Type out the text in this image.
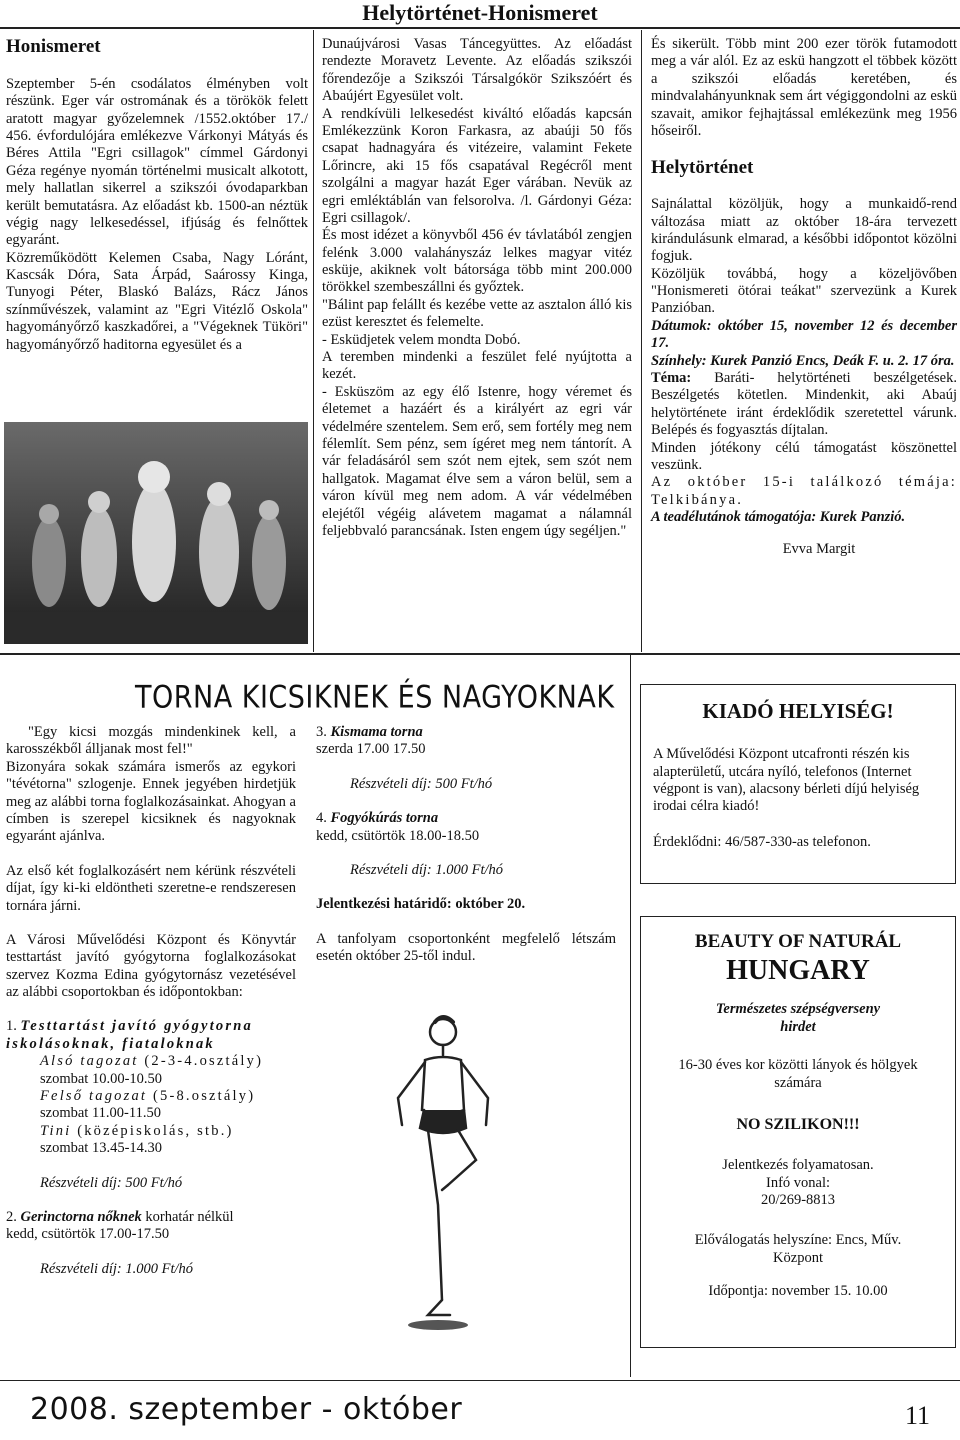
Helytörténet-Honismeret
Honismeret

Szeptember 5-én csodálatos élményben volt részünk. Eger vár ostromának és a törökök felett aratott magyar győzelemnek /1552.október 17./ 456. évfordulójára emlékezve Várkonyi Mátyás és Béres Attila "Egri csillagok" címmel Gárdonyi Géza regénye nyomán történelmi musicalt alkotott, mely hallatlan sikerrel a szikszói óvodaparkban került bemutatásra. Az előadást kb. 1500-an néztük végig nagy lelkesedéssel, ifjúság és felnőttek egyaránt.

Közreműködött Kelemen Csaba, Nagy Lóránt, Kascsák Dóra, Sata Árpád, Saárossy Kinga, Tunyogi Péter, Blaskó Balázs, Rácz János színművészek, valamint az "Egri Vitézlő Oskola" hagyományőrző kaszkadőrei, a "Végeknek Tüköri" hagyományőrző haditorna egyesület és a

Dunaújvárosi Vasas Táncegyüttes. Az előadást rendezte Moravetz Levente. Az előadás szikszói főrendezője a Szikszói Társalgókör Szikszóért és Abaújért Egyesület volt.

A rendkívüli lelkesedést kiváltó előadás kapcsán Emlékezzünk Koron Farkasra, az abaúji 50 fős csapat hadnagyára és vitézeire, valamint Fekete Lőrincre, aki 15 fős csapatával Regécről ment szolgálni a magyar hazát Eger várában. Nevük az egri emléktáblán van felsorolva. /l. Gárdonyi Géza: Egri csillagok/.

És most idézet a könyvből 456 év távlatából zengjen felénk 3.000 valahányszáz lelkes magyar vitéz esküje, akiknek volt bátorsága több mint 200.000 törökkel szembeszállni és győztek.

"Bálint pap felállt és kezébe vette az asztalon álló kis ezüst keresztet és felemelte.

- Esküdjetek velem mondta Dobó.

A teremben mindenki a feszület felé nyújtotta a kezét.

- Esküszöm az egy élő Istenre, hogy véremet és életemet a hazáért és a királyért az egri vár védelmére szentelem. Sem erő, sem fortély meg nem félemlít. Sem pénz, sem ígéret meg nem tántorít. A vár feladásáról sem szót nem ejtek, sem szót nem hallgatok. Magamat élve sem a váron belül, sem a váron kívül meg nem adom. A vár védelmében elejétől végéig alávetem magamat a nálamnál feljebbvaló parancsának. Isten engem úgy segéljen."

És sikerült. Több mint 200 ezer török futamodott meg a vár alól. Ez az eskü hangzott el többek között a szikszói előadás keretében, és mindvalahányunknak sem árt végiggondolni az eskü szavait, amikor fejhajtással emlékezünk meg 1956 hőseiről.

Helytörténet

Sajnálattal közöljük, hogy a munkaidő-rend változása miatt az október 18-ára tervezett kirándulásunk elmarad, a későbbi időpontot közölni fogjuk.

Közöljük továbbá, hogy a közeljövőben "Honismereti ötórai teákat" szervezünk a Kurek Panzióban.

Dátumok: október 15, november 12 és december 17.

Színhely: Kurek Panzió Encs, Deák F. u. 2. 17 óra.

Téma: Baráti- helytörténeti beszélgetések. Beszélgetés kötetlen. Mindenkit, aki Abaúj helytörténete iránt érdeklődik szeretettel várunk. Belépés és fogyasztás díjtalan.

Minden jótékony célú támogatást köszönettel veszünk.

Az október 15-i találkozó témája: Telkibánya.

A teadélutánok támogatója: Kurek Panzió.

Evva Margit

TORNA KICSIKNEK ÉS NAGYOKNAK

"Egy kicsi mozgás mindenkinek kell, a karosszékből álljanak most fel!"

Bizonyára sokak számára ismerős az egykori "tévétorna" szlogenje. Ennek jegyében hirdetjük meg az alábbi torna foglalkozásainkat. Ahogyan a címben is szerepel kicsiknek és nagyoknak egyaránt ajánlva.

Az első két foglalkozásért nem kérünk részvételi díjat, így ki-ki eldöntheti szeretne-e rendszeresen tornára járni.

A Városi Művelődési Központ és Könyvtár testtartást javító gyógytorna foglalkozásokat szervez Kozma Edina gyógytornász vezetésével az alábbi csoportokban és időpontokban:

1. Testtartást javító gyógytorna iskolásoknak, fiataloknak

Alsó tagozat (2-3-4.osztály)

szombat 10.00-10.50

Felső tagozat (5-8.osztály)

szombat 11.00-11.50

Tini (középiskolás, stb.)

szombat 13.45-14.30

Részvételi díj: 500 Ft/hó

2. Gerinctorna nőknek korhatár nélkül

kedd, csütörtök 17.00-17.50

Részvételi díj: 1.000 Ft/hó

3. Kismama torna

szerda 17.00 17.50

Részvételi díj: 500 Ft/hó

4. Fogyókúrás torna

kedd, csütörtök 18.00-18.50

Részvételi díj: 1.000 Ft/hó

Jelentkezési határidő: október 20.

A tanfolyam csoportonként megfelelő létszám esetén október 25-től indul.

KIADÓ HELYISÉG!

A Művelődési Központ utcafronti részén kis alapterületű, utcára nyíló, telefonos (Internet végpont is van), alacsony bérleti díjú helyiség irodai célra kiadó!

Érdeklődni: 46/587-330-as telefonon.

BEAUTY OF NATURÁL
HUNGARY
Természetes szépségverseny
hirdet

16-30 éves kor közötti lányok és hölgyek számára

NO SZILIKON!!!
Jelentkezés folyamatosan.
Infó vonal:
20/269-8813

Előválogatás helyszíne: Encs, Műv. Központ

Időpontja: november 15. 10.00
2008. szeptember - október	11
